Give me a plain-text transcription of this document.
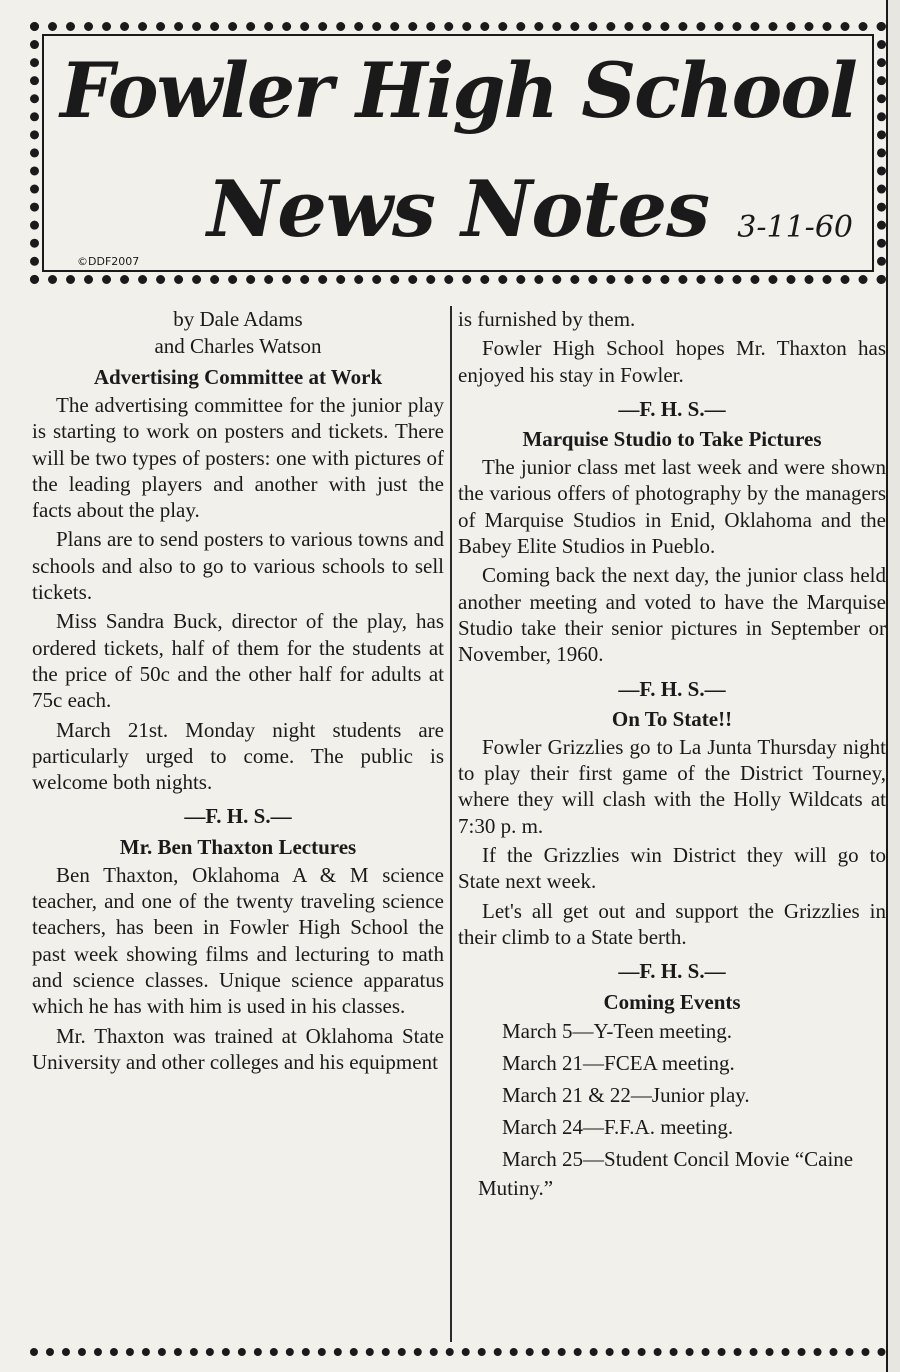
Fowler High School
News Notes 3-11-60
©DDF2007
by Dale Adams
and Charles Watson
Advertising Committee at Work

The advertising committee for the junior play is starting to work on posters and tickets. There will be two types of posters: one with pictures of the leading players and another with just the facts about the play.

Plans are to send posters to various towns and schools and also to go to various schools to sell tickets.

Miss Sandra Buck, director of the play, has ordered tickets, half of them for the students at the price of 50c and the other half for adults at 75c each.

March 21st. Monday night students are particularly urged to come. The public is welcome both nights.

—F. H. S.—
Mr. Ben Thaxton Lectures

Ben Thaxton, Oklahoma A & M science teacher, and one of the twenty traveling science teachers, has been in Fowler High School the past week showing films and lecturing to math and science classes. Unique science apparatus which he has with him is used in his classes.

Mr. Thaxton was trained at Oklahoma State University and other colleges and his equipment

is furnished by them.

Fowler High School hopes Mr. Thaxton has enjoyed his stay in Fowler.

—F. H. S.—
Marquise Studio to Take Pictures

The junior class met last week and were shown the various offers of photography by the managers of Marquise Studios in Enid, Oklahoma and the Babey Elite Studios in Pueblo.

Coming back the next day, the junior class held another meeting and voted to have the Marquise Studio take their senior pictures in September or November, 1960.

—F. H. S.—
On To State!!

Fowler Grizzlies go to La Junta Thursday night to play their first game of the District Tourney, where they will clash with the Holly Wildcats at 7:30 p. m.

If the Grizzlies win District they will go to State next week.

Let's all get out and support the Grizzlies in their climb to a State berth.

—F. H. S.—
Coming Events

March 5—Y-Teen meeting.

March 21—FCEA meeting.

March 21 & 22—Junior play.

March 24—F.F.A. meeting.

March 25—Student Concil Movie “Caine Mutiny.”
